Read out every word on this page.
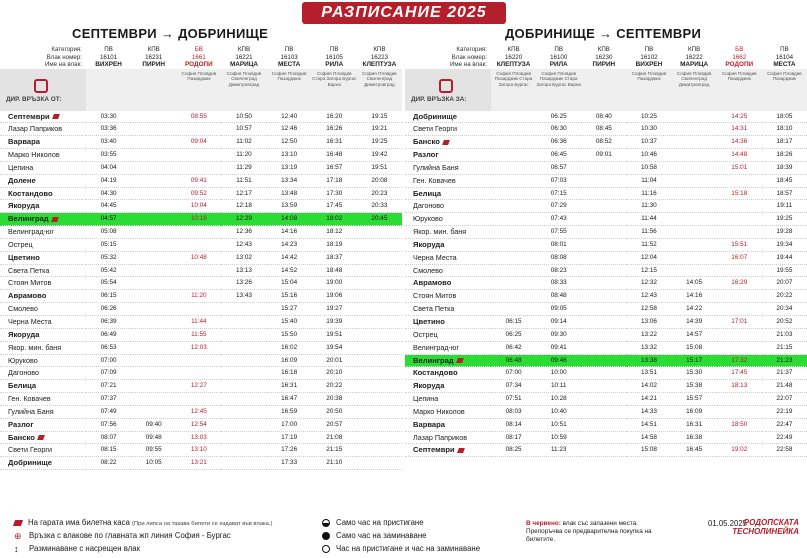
РАЗПИСАНИЕ 2025
СЕПТЕМВРИ → ДОБРИНИЩЕ
Категория:	ПВ	КПВ	БВ	КПВ	ПВ	ПВ	КПВ
Влак номер:	16101	16231	1661	16221	16103	16105	16223
Име на влак:	ВИХРЕН	ПИРИН	РОДОПИ	МАРИЦА	МЕСТА	РИЛА	КЛЕПТУЗА

ДИР. ВРЪЗКА ОТ:			София Пловдив Пазарджик	София Пловдив Свиленград Димитровград	София Пловдив Пазарджик	София Пловдив Стара Загора Бургас Варна	София Пловдив Свиленград Димитровград

Септември	03:30		08:55	10:50	12:40	16:20	19:15
Лазар Паприков	03:36			10:57	12:46	16:26	19:21
Варвара	03:40		09:04	11:02	12:50	16:31	19:25
Марко Николов	03:55			11:20	13:10	16:48	19:42
Цепина	04:04			11:29	13:19	16:57	19:51
Долене	04:19		09:41	11:51	13:34	17:18	20:08
Костандово	04:30		09:52	12:17	13:48	17:30	20:23
Якоруда	04:45		10:04	12:18	13:59	17:45	20:33
Велинград	04:57		10:18	12:29	14:08	18:02	20:45
Велинград-юг	05:08			12:36	14:16	18:12	
Острец	05:15			12:43	14:23	18:19	
Цветино	05:32		10:48	13:02	14:42	18:37	
Света Петка	05:42			13:13	14:52	18:48	
Стоян Митов	05:54			13:26	15:04	19:00	
Аврамово	06:15		11:20	13:43	15:16	19:06	
Смолево	06:26				15:27	19:27	
Черна Места	06:39		11:44		15:40	19:39	
Якоруда	06:49		11:55		15:50	19:51	
Якор. мин. баня	06:53		12:03		16:02	19:54	
Юруково	07:00				16:09	20:01	
Дагоново	07:09				16:18	20:10	
Белица	07:21		12:27		16:31	20:22	
Ген. Ковачев	07:37				16:47	20:38	
Гулийна Баня	07:49		12:45		16:59	20:50	
Разлог	07:56	09:40	12:54		17:00	20:57	
Банско	08:07	09:48	13:03		17:19	21:08	
Свети Георги	08:15	09:55	13:10		17:26	21:15	
Добринище	08:22	10:05	13:21		17:33	21:10	
ДОБРИНИЩЕ → СЕПТЕМВРИ
Категория:	КПВ	ПВ	КПВ	ПВ	КПВ	БВ	ПВ
Влак номер:	16220	16100	16230	16102	16222	1662	16104
Име на влак:	КЛЕПТУЗА	РИЛА	ПИРИН	ВИХРЕН	МАРИЦА	РОДОПИ	МЕСТА

ДИР. ВРЪЗКА ЗА:	София Пловдив Пазарджик Стара Загора Бургас	София Пловдив Пазарджик Стара Загора Бургас Варна		София Пловдив Пазарджик	София Пловдив Свиленград Димитровград	София Пловдив Пазарджик	София Пловдив Пазарджик

Добринище		06:25	08:40	10:25		14:25	18:05
Свети Георги		06:30	08:45	10:30		14:31	18:10
Банско		06:36	08:52	10:37		14:36	18:17
Разлог		06:45	09:01	10:46		14:48	18:26
Гулийна Баня		06:57		10:58		15:01	18:39
Ген. Ковачев		07:03		11:04			18:45
Белица		07:15		11:16		15:18	18:57
Дагоново		07:29		11:30			19:11
Юруково		07:43		11:44			19:25
Якор. мин. баня		07:55		11:56			19:28
Якоруда		08:01		11:52		15:51	19:34
Черна Места		08:08		12:04		16:07	19:44
Смолево		08:23		12:15			19:55
Аврамово		08:33		12:32	14:05	16:29	20:07
Стоян Митов		08:48		12:43	14:16		20:22
Света Петка		09:05		12:58	14:22		20:34
Цветино	06:15	09:14		13:06	14:39	17:01	20:52
Острец	06:25	09:30		13:22	14:57		21:03
Велинград-юг	06:42	09:41		13:32	15:08		21:15
Велинград	06:48	09:46		13:38	15:17	17:32	21:23
Костандово	07:00	10:00		13:51	15:30	17:45	21:37
Якоруда	07:34	10:11		14:02	15:38	18:13	21:48
Цепина	07:51	10:28		14:21	15:57		22:07
Марко Николов	08:03	10:40		14:33	16:09		22:19
Варвара	08:14	10:51		14:51	16:31	18:50	22:47
Лазар Паприков	08:17	10:59		14:58	16:38		22:49
Септември	08:25	11:23		15:08	16:45	19:02	22:58
На гарата има билетна каса (При липса на такава билети се издават във влака.)
⊕ Връзка с влакове по главната жп линия София - Бургас
↕ Разминаване с насрещен влак
Само час на пристигане
Само час на заминаване
Час на пристигане и час на заминаване
В червено: влак със запазени места. Препоръчва се предварителна покупка на билетите.
01.05.2025
РОДОПСКАТА
ТЕСНОЛИНЕЙКА
